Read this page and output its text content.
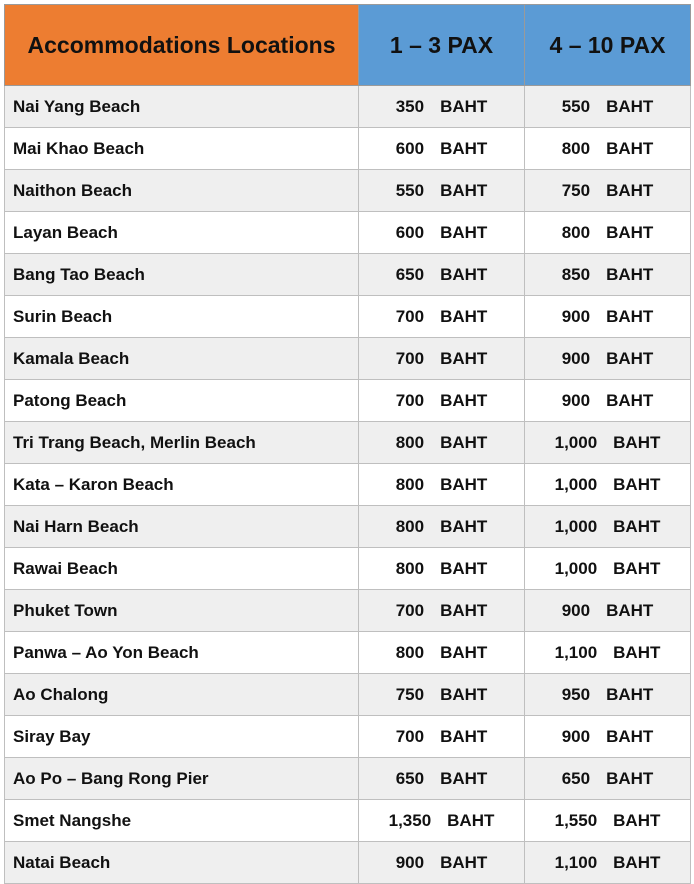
Accommodations Locations	1 – 3 PAX	4 – 10 PAX
Nai Yang Beach	350 BAHT	550 BAHT

Mai Khao Beach	600 BAHT	800 BAHT

Naithon Beach	550 BAHT	750 BAHT

Layan Beach	600 BAHT	800 BAHT

Bang Tao Beach	650 BAHT	850 BAHT

Surin Beach	700 BAHT	900 BAHT

Kamala Beach	700 BAHT	900 BAHT

Patong Beach	700 BAHT	900 BAHT

Tri Trang Beach, Merlin Beach	800 BAHT	1,000 BAHT

Kata – Karon Beach	800 BAHT	1,000 BAHT

Nai Harn Beach	800 BAHT	1,000 BAHT

Rawai Beach	800 BAHT	1,000 BAHT

Phuket Town	700 BAHT	900 BAHT

Panwa – Ao Yon Beach	800 BAHT	1,100 BAHT

Ao Chalong	750 BAHT	950 BAHT

Siray Bay	700 BAHT	900 BAHT

Ao Po – Bang Rong Pier	650 BAHT	650 BAHT

Smet Nangshe	1,350 BAHT	1,550 BAHT

Natai Beach	900 BAHT	1,100 BAHT
